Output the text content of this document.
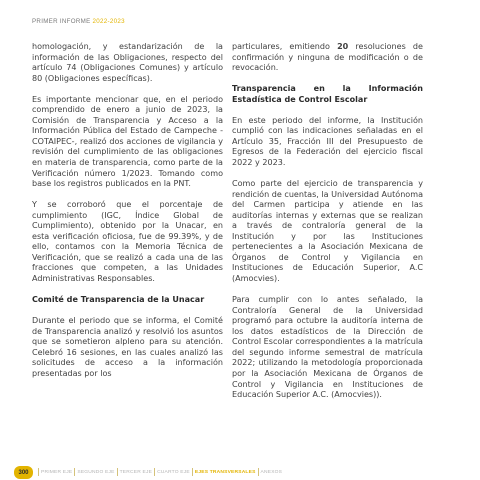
PRIMER INFORME 2022-2023

homologación, y estandarización de la información de las Obligaciones, respecto del artículo 74 (Obligaciones Comunes) y artículo 80 (Obligaciones específicas).

Es importante mencionar que, en el periodo comprendido de enero a junio de 2023, la Comisión de Transparencia y Acceso a la Información Pública del Estado de Campeche -COTAIPEC-, realizó dos acciones de vigilancia y revisión del cumplimiento de las obligaciones en materia de transparencia, como parte de la Verificación número 1/2023. Tomando como base los registros publicados en la PNT.

Y se corroboró que el porcentaje de cumplimiento (IGC, Índice Global de Cumplimiento), obtenido por la Unacar, en esta verificación oficiosa, fue de 99.39%, y de ello, contamos con la Memoria Técnica de Verificación, que se realizó a cada una de las fracciones que competen, a las Unidades Administrativas Responsables.

Comité de Transparencia de la Unacar

Durante el periodo que se informa, el Comité de Transparencia analizó y resolvió los asuntos que se sometieron alpleno para su atención. Celebró 16 sesiones, en las cuales analizó las solicitudes de acceso a la información presentadas por los

particulares, emitiendo 20 resoluciones de confirmación y ninguna de modificación o de revocación.

Transparencia en la Información Estadística de Control Escolar

En este periodo del informe, la Institución cumplió con las indicaciones señaladas en el Artículo 35, Fracción III del Presupuesto de Egresos de la Federación del ejercicio fiscal 2022 y 2023.

Como parte del ejercicio de transparencia y rendición de cuentas, la Universidad Autónoma del Carmen participa y atiende en las auditorías internas y externas que se realizan a través de contraloría general de la Institución y por las Instituciones pertenecientes a la Asociación Mexicana de Órganos de Control y Vigilancia en Instituciones de Educación Superior, A.C (Amocvies).

Para cumplir con lo antes señalado, la Contraloría General de la Universidad programó para octubre la auditoría interna de los datos estadísticos de la Dirección de Control Escolar correspondientes a la matrícula del segundo informe semestral de matrícula 2022; utilizando la metodología proporcionada por la Asociación Mexicana de Órganos de Control y Vigilancia en Instituciones de Educación Superior A.C. (Amocvies)).

300	PRIMER EJE	SEGUNDO EJE	TERCER EJE	CUARTO EJE	EJES TRANSVERSALES	ANEXOS
